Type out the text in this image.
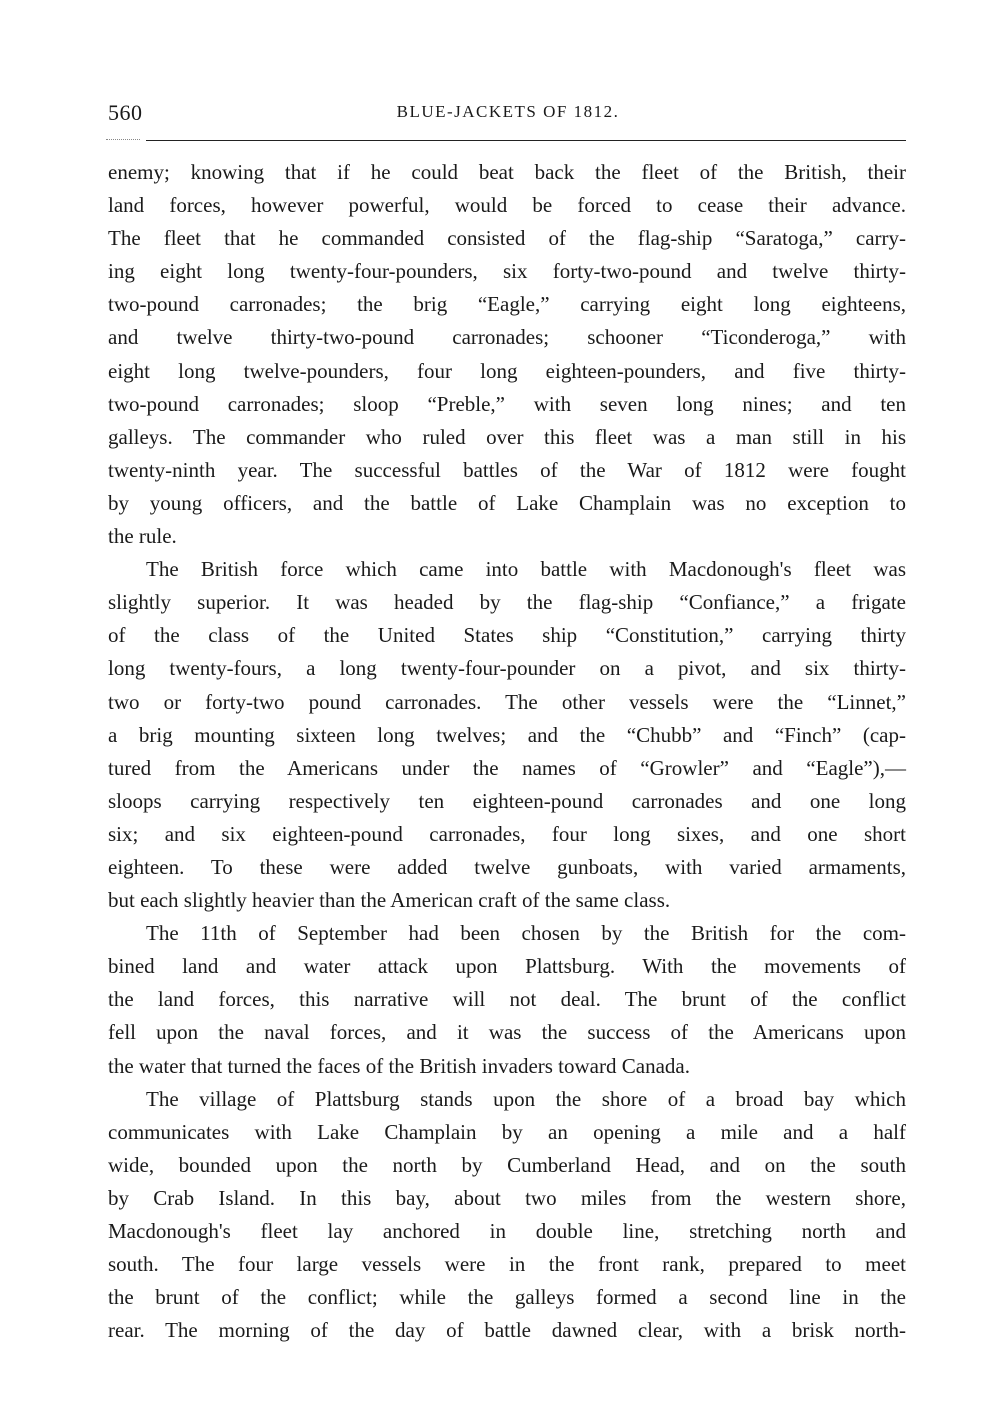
560	BLUE-JACKETS OF 1812.
enemy; knowing that if he could beat back the fleet of the British, their
land forces, however powerful, would be forced to cease their advance.
The fleet that he commanded consisted of the flag-ship “Saratoga,” carry-
ing eight long twenty-four-pounders, six forty-two-pound and twelve thirty-
two-pound carronades; the brig “Eagle,” carrying eight long eighteens,
and twelve thirty-two-pound carronades; schooner “Ticonderoga,” with
eight long twelve-pounders, four long eighteen-pounders, and five thirty-
two-pound carronades; sloop “Preble,” with seven long nines; and ten
galleys. The commander who ruled over this fleet was a man still in his
twenty-ninth year. The successful battles of the War of 1812 were fought
by young officers, and the battle of Lake Champlain was no exception to
the rule.
The British force which came into battle with Macdonough's fleet was
slightly superior. It was headed by the flag-ship “Confiance,” a frigate
of the class of the United States ship “Constitution,” carrying thirty
long twenty-fours, a long twenty-four-pounder on a pivot, and six thirty-
two or forty-two pound carronades. The other vessels were the “Linnet,”
a brig mounting sixteen long twelves; and the “Chubb” and “Finch” (cap-
tured from the Americans under the names of “Growler” and “Eagle”),—
sloops carrying respectively ten eighteen-pound carronades and one long
six; and six eighteen-pound carronades, four long sixes, and one short
eighteen. To these were added twelve gunboats, with varied armaments,
but each slightly heavier than the American craft of the same class.
The 11th of September had been chosen by the British for the com-
bined land and water attack upon Plattsburg. With the movements of
the land forces, this narrative will not deal. The brunt of the conflict
fell upon the naval forces, and it was the success of the Americans upon
the water that turned the faces of the British invaders toward Canada.
The village of Plattsburg stands upon the shore of a broad bay which
communicates with Lake Champlain by an opening a mile and a half
wide, bounded upon the north by Cumberland Head, and on the south
by Crab Island. In this bay, about two miles from the western shore,
Macdonough's fleet lay anchored in double line, stretching north and
south. The four large vessels were in the front rank, prepared to meet
the brunt of the conflict; while the galleys formed a second line in the
rear. The morning of the day of battle dawned clear, with a brisk north-
